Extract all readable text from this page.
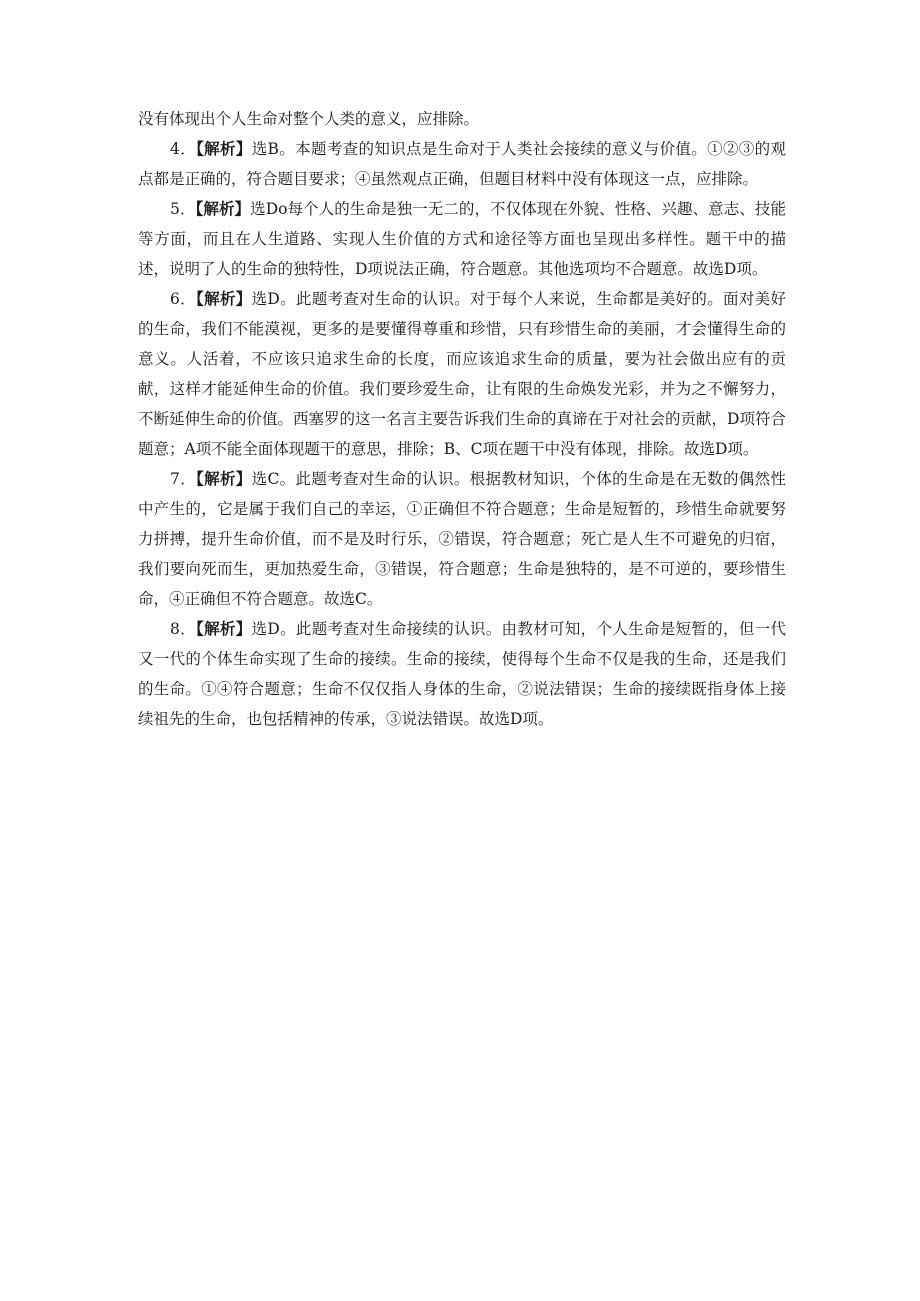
没有体现出个人生命对整个人类的意义，应排除。

4．【解析】选B。本题考查的知识点是生命对于人类社会接续的意义与价值。①②③的观点都是正确的，符合题目要求；④虽然观点正确，但题目材料中没有体现这一点，应排除。

5．【解析】选Do每个人的生命是独一无二的，不仅体现在外貌、性格、兴趣、意志、技能等方面，而且在人生道路、实现人生价值的方式和途径等方面也呈现出多样性。题干中的描述，说明了人的生命的独特性，D项说法正确，符合题意。其他选项均不合题意。故选D项。

6．【解析】选D。此题考查对生命的认识。对于每个人来说，生命都是美好的。面对美好的生命，我们不能漠视，更多的是要懂得尊重和珍惜，只有珍惜生命的美丽，才会懂得生命的意义。人活着，不应该只追求生命的长度，而应该追求生命的质量，要为社会做出应有的贡献，这样才能延伸生命的价值。我们要珍爱生命，让有限的生命焕发光彩，并为之不懈努力，不断延伸生命的价值。西塞罗的这一名言主要告诉我们生命的真谛在于对社会的贡献，D项符合题意；A项不能全面体现题干的意思，排除；B、C项在题干中没有体现，排除。故选D项。

7．【解析】选C。此题考查对生命的认识。根据教材知识，个体的生命是在无数的偶然性中产生的，它是属于我们自己的幸运，①正确但不符合题意；生命是短暂的，珍惜生命就要努力拼搏，提升生命价值，而不是及时行乐，②错误，符合题意；死亡是人生不可避免的归宿，我们要向死而生，更加热爱生命，③错误，符合题意；生命是独特的，是不可逆的，要珍惜生命，④正确但不符合题意。故选C。

8．【解析】选D。此题考查对生命接续的认识。由教材可知，个人生命是短暂的，但一代又一代的个体生命实现了生命的接续。生命的接续，使得每个生命不仅是我的生命，还是我们的生命。①④符合题意；生命不仅仅指人身体的生命，②说法错误；生命的接续既指身体上接续祖先的生命，也包括精神的传承，③说法错误。故选D项。
